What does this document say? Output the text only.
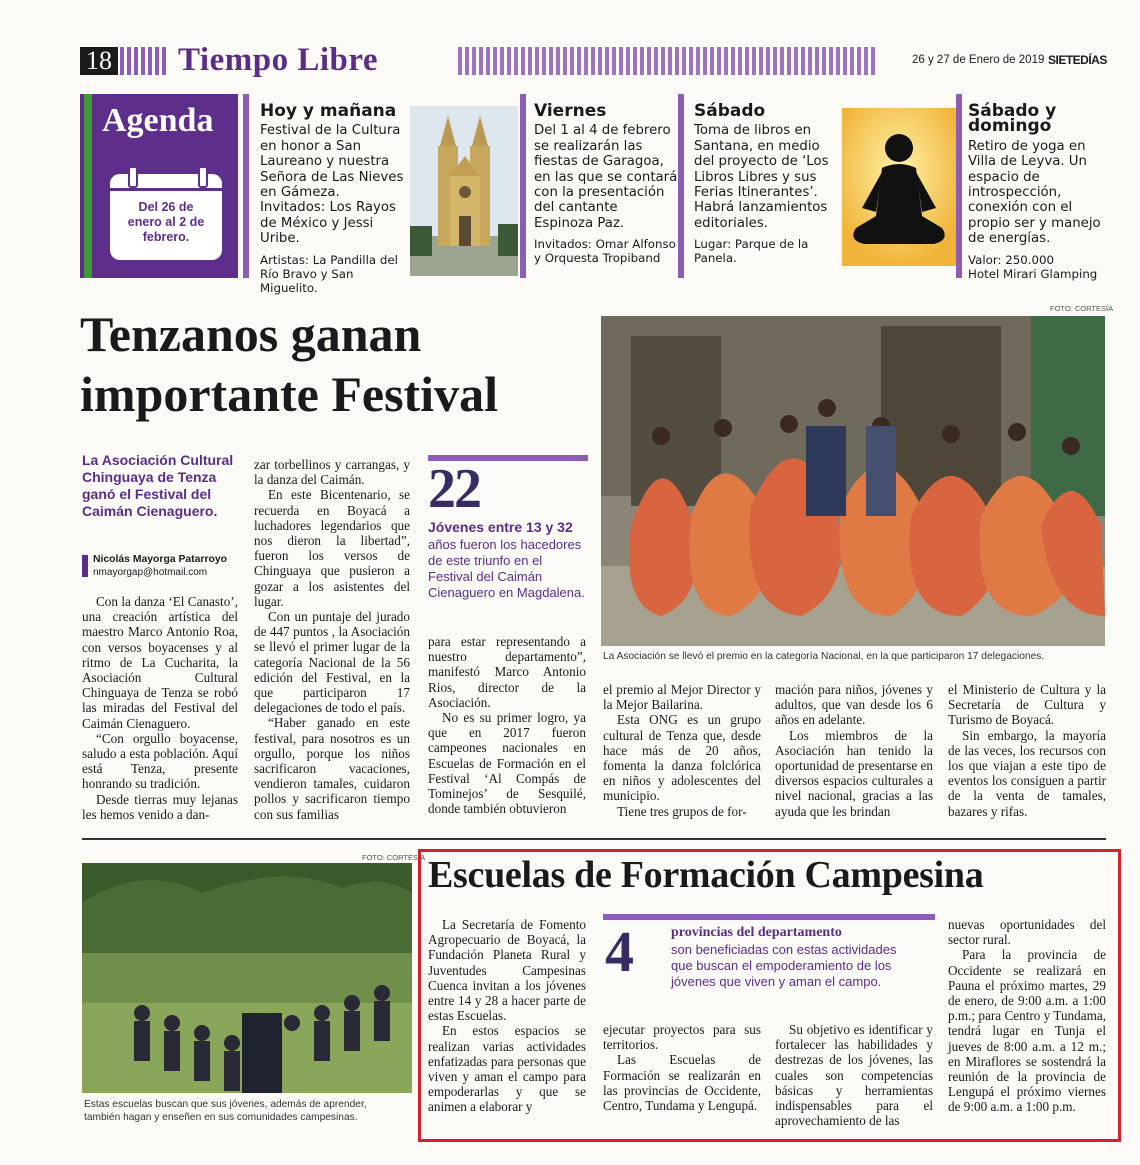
18 Tiempo Libre	26 y 27 de Enero de 2019 SIETEDÍAS
Agenda
Del 26 de enero al 2 de febrero.
Hoy y mañana
Festival de la Cultura en honor a San Laureano y nuestra Señora de Las Nieves en Gámeza. Invitados: Los Rayos de México y Jessi Uribe.
Artistas: La Pandilla del Río Bravo y San Miguelito.
Viernes
Del 1 al 4 de febrero se realizarán las fiestas de Garagoa, en las que se contará con la presentación del cantante Espinoza Paz.
Invitados: Omar Alfonso y Orquesta Tropiband
Sábado
Toma de libros en Santana, en medio del proyecto de ‘Los Libros Libres y sus Ferias Itinerantes’. Habrá lanzamientos editoriales.
Lugar: Parque de la Panela.
Sábado y domingo
Retiro de yoga en Villa de Leyva. Un espacio de introspección, conexión con el propio ser y manejo de energías.
Valor: 250.000
Hotel Mirari Glamping
Tenzanos ganan importante Festival
FOTO: CORTESÍA
La Asociación se llevó el premio en la categoría Nacional, en la que participaron 17 delegaciones.
La Asociación Cultural Chinguaya de Tenza ganó el Festival del Caimán Cienaguero.
Nicolás Mayorga Patarroyo
nmayorgap@hotmail.com

Con la danza ‘El Canasto’, una creación artística del maestro Marco Antonio Roa, con versos boyacenses y al ritmo de La Cucharita, la Asociación Cultural Chinguaya de Tenza se robó las miradas del Festival del Caimán Cienaguero.

“Con orgullo boyacense, saludo a esta población. Aquí está Tenza, presente honrando su tradición.

Desde tierras muy lejanas les hemos venido a dan-

zar torbellinos y carrangas, y la danza del Caimán.

En este Bicentenario, se recuerda en Boyacá a luchadores legendarios que nos dieron la libertad”, fueron los versos de Chinguaya que pusieron a gozar a los asistentes del lugar.

Con un puntaje del jurado de 447 puntos , la Asociación se llevó el primer lugar de la categoría Nacional de la 56 edición del Festival, en la que participaron 17 delegaciones de todo el país.

“Haber ganado en este festival, para nosotros es un orgullo, porque los niños sacrificaron vacaciones, vendieron tamales, cuidaron pollos y sacrificaron tiempo con sus familias

22
Jóvenes entre 13 y 32
años fueron los hacedores de este triunfo en el Festival del Caimán Cienaguero en Magdalena.

para estar representando a nuestro departamento”, manifestó Marco Antonio Rios, director de la Asociación.

No es su primer logro, ya que en 2017 fueron campeones nacionales en Escuelas de Formación en el Festival ‘Al Compás de Tominejos’ de Sesquilé, donde también obtuvieron

el premio al Mejor Director y la Mejor Bailarina.

Esta ONG es un grupo cultural de Tenza que, desde hace más de 20 años, fomenta la danza folclórica en niños y adolescentes del municipio.

Tiene tres grupos de for-

mación para niños, jóvenes y adultos, que van desde los 6 años en adelante.

Los miembros de la Asociación han tenido la oportunidad de presentarse en diversos espacios culturales a nivel nacional, gracias a las ayuda que les brindan

el Ministerio de Cultura y la Secretaría de Cultura y Turismo de Boyacá.

Sin embargo, la mayoría de las veces, los recursos con los que viajan a este tipo de eventos los consiguen a partir de la venta de tamales, bazares y rifas.

FOTO: CORTESÍA
Estas escuelas buscan que sus jóvenes, además de aprender, también hagan y enseñen en sus comunidades campesinas.
Escuelas de Formación Campesina

La Secretaría de Fomento Agropecuario de Boyacá, la Fundación Planeta Rural y Juventudes Campesinas Cuenca invitan a los jóvenes entre 14 y 28 a hacer parte de estas Escuelas.

En estos espacios se realizan varias actividades enfatizadas para personas que viven y aman el campo para empoderarlas y que se animen a elaborar y

4	provincias del departamento
son beneficiadas con estas actividades que buscan el empoderamiento de los jóvenes que viven y aman el campo.

ejecutar proyectos para sus territorios.

Las Escuelas de Formación se realizarán en las provincias de Occidente, Centro, Tundama y Lengupá.

Su objetivo es identificar y fortalecer las habilidades y destrezas de los jóvenes, las cuales son competencias básicas y herramientas indispensables para el aprovechamiento de las

nuevas oportunidades del sector rural.

Para la provincia de Occidente se realizará en Pauna el próximo martes, 29 de enero, de 9:00 a.m. a 1:00 p.m.; para Centro y Tundama, tendrá lugar en Tunja el jueves de 8:00 a.m. a 12 m.; en Miraflores se sostendrá la reunión de la provincia de Lengupá el próximo viernes de 9:00 a.m. a 1:00 p.m.
